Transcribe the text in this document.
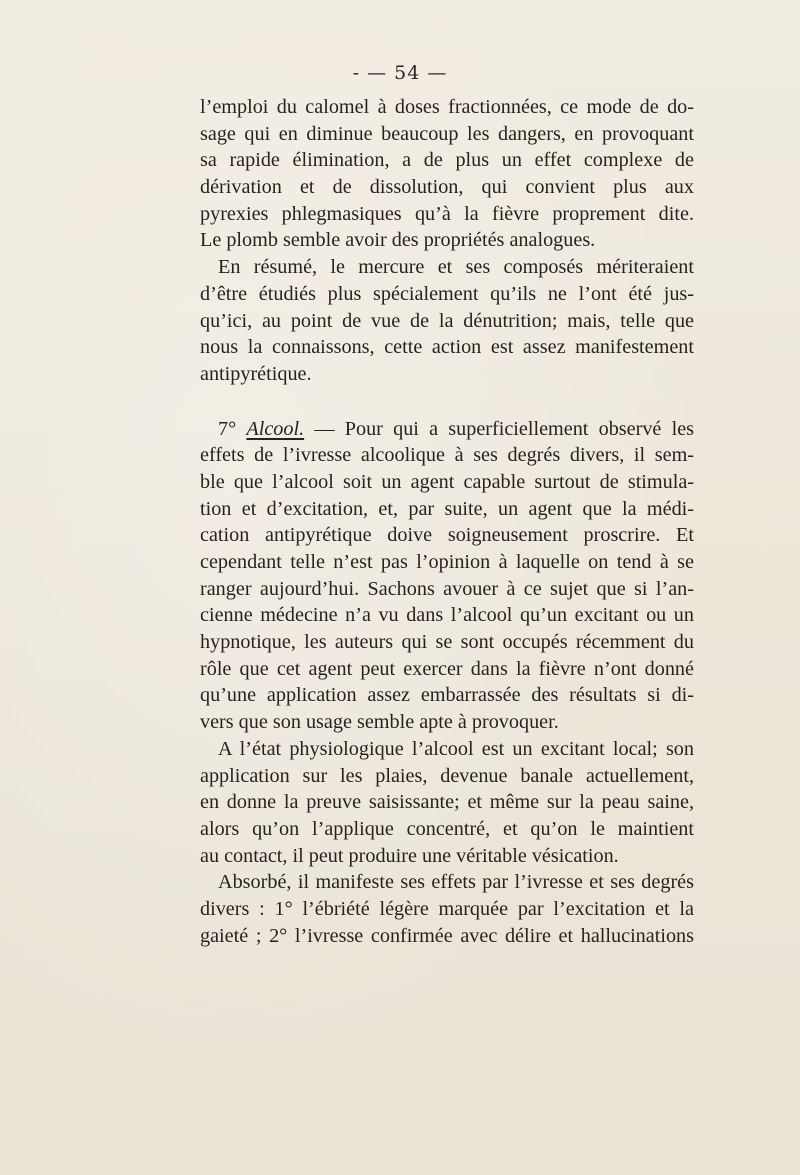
- — 54 —
l’emploi du calomel à doses fractionnées, ce mode de do-
sage qui en diminue beaucoup les dangers, en provoquant
sa rapide élimination, a de plus un effet complexe de
dérivation et de dissolution, qui convient plus aux
pyrexies phlegmasiques qu’à la fièvre proprement dite.
Le plomb semble avoir des propriétés analogues.
En résumé, le mercure et ses composés mériteraient
d’être étudiés plus spécialement qu’ils ne l’ont été jus-
qu’ici, au point de vue de la dénutrition; mais, telle que
nous la connaissons, cette action est assez manifestement
antipyrétique.
7° Alcool. — Pour qui a superficiellement observé les
effets de l’ivresse alcoolique à ses degrés divers, il sem-
ble que l’alcool soit un agent capable surtout de stimula-
tion et d’excitation, et, par suite, un agent que la médi-
cation antipyrétique doive soigneusement proscrire. Et
cependant telle n’est pas l’opinion à laquelle on tend à se
ranger aujourd’hui. Sachons avouer à ce sujet que si l’an-
cienne médecine n’a vu dans l’alcool qu’un excitant ou un
hypnotique, les auteurs qui se sont occupés récemment du
rôle que cet agent peut exercer dans la fièvre n’ont donné
qu’une application assez embarrassée des résultats si di-
vers que son usage semble apte à provoquer.
A l’état physiologique l’alcool est un excitant local; son
application sur les plaies, devenue banale actuellement,
en donne la preuve saisissante; et même sur la peau saine,
alors qu’on l’applique concentré, et qu’on le maintient
au contact, il peut produire une véritable vésication.
Absorbé, il manifeste ses effets par l’ivresse et ses degrés
divers : 1° l’ébriété légère marquée par l’excitation et la
gaieté ; 2° l’ivresse confirmée avec délire et hallucinations
